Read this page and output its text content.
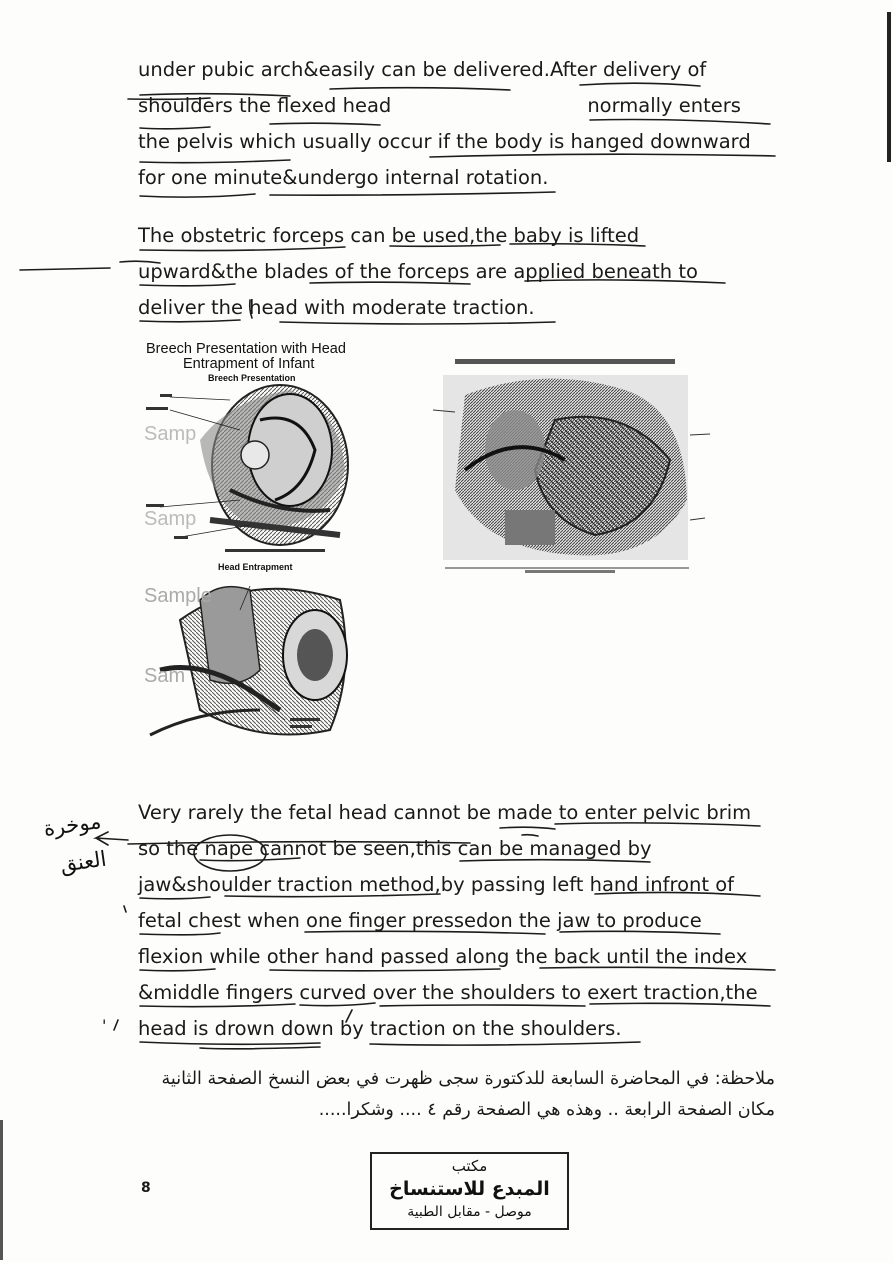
under pubic arch&easily can be delivered.After delivery of
shoulders the flexed head	normally enters
the pelvis which usually occur if the body is hanged downward
for one minute&undergo internal rotation.
The obstetric forceps can be used,the baby is lifted
upward&the blades of the forceps are applied beneath to
deliver the head with moderate traction.
Samp
Samp
Breech Presentation with Head
Entrapment of Infant
Breech Presentation
Sample
Sam
Head Entrapment
Very rarely the fetal head cannot be made to enter pelvic brim
so the nape cannot be seen,this can be managed by
jaw&shoulder traction method,by passing left hand infront of
fetal chest when one finger pressedon the jaw to produce
flexion while other hand passed along the back until the index
&middle fingers curved over the shoulders to exert traction,the
head is drown down by traction on the shoulders.
موخرة
العنق
'
ملاحظة: في المحاضرة السابعة للدكتورة سجى ظهرت في بعض النسخ الصفحة الثانية مكان الصفحة الرابعة .. وهذه هي الصفحة رقم ٤ .... وشكرا.....
8
مكتب
المبدع للاستنساخ
موصل - مقابل الطبية
